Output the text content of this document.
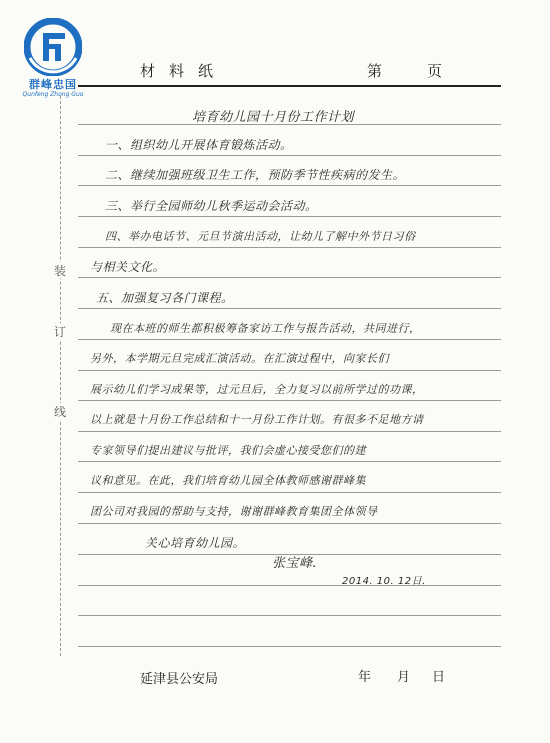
群峰忠国
Qunfeng Zhong Guo
材料纸	第	页
装
订
线
培育幼儿园十月份工作计划
一、组织幼儿开展体育锻炼活动。
二、继续加强班级卫生工作，预防季节性疾病的发生。
三、举行全园师幼儿秋季运动会活动。
四、举办电话节、元旦节演出活动，让幼儿了解中外节日习俗
与相关文化。
五、加强复习各门课程。
现在本班的师生都积极筹备家访工作与报告活动，共同进行，
另外，本学期元旦完成汇演活动。在汇演过程中，向家长们
展示幼儿们学习成果等，过元旦后，全力复习以前所学过的功课，
以上就是十月份工作总结和十一月份工作计划。有很多不足地方请
专家领导们提出建议与批评，我们会虚心接受您们的建
议和意见。在此，我们培育幼儿园全体教师感谢群峰集
团公司对我园的帮助与支持，谢谢群峰教育集团全体领导
关心培育幼儿园。
张宝峰.
2014. 10. 12日.
延津县公安局	年 月 日
